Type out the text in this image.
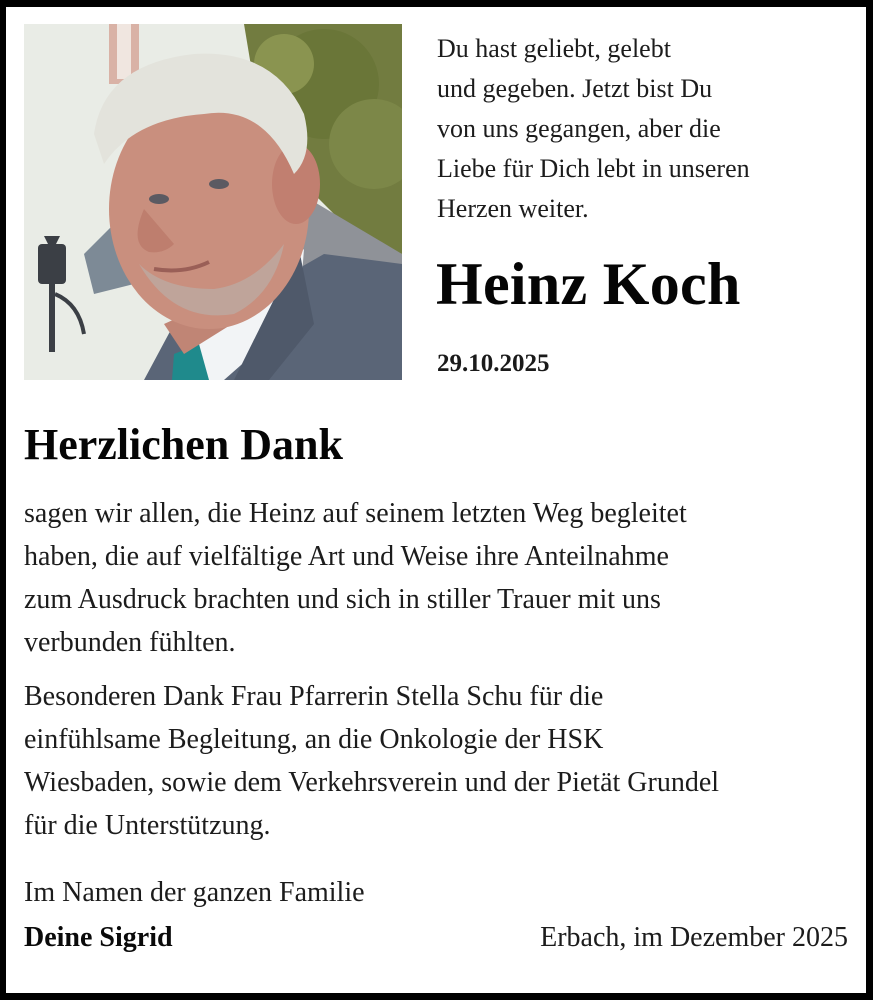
Du hast geliebt, gelebt
und gegeben. Jetzt bist Du
von uns gegangen, aber die
Liebe für Dich lebt in unseren
Herzen weiter.
Heinz Koch

29.10.2025

Herzlichen Dank
sagen wir allen, die Heinz auf seinem letzten Weg begleitet
haben, die auf vielfältige Art und Weise ihre Anteilnahme
zum Ausdruck brachten und sich in stiller Trauer mit uns
verbunden fühlten.
Besonderen Dank Frau Pfarrerin Stella Schu für die
einfühlsame Begleitung, an die Onkologie der HSK
Wiesbaden, sowie dem Verkehrsverein und der Pietät Grundel
für die Unterstützung.

Im Namen der ganzen Familie

Deine Sigrid	Erbach, im Dezember 2025
